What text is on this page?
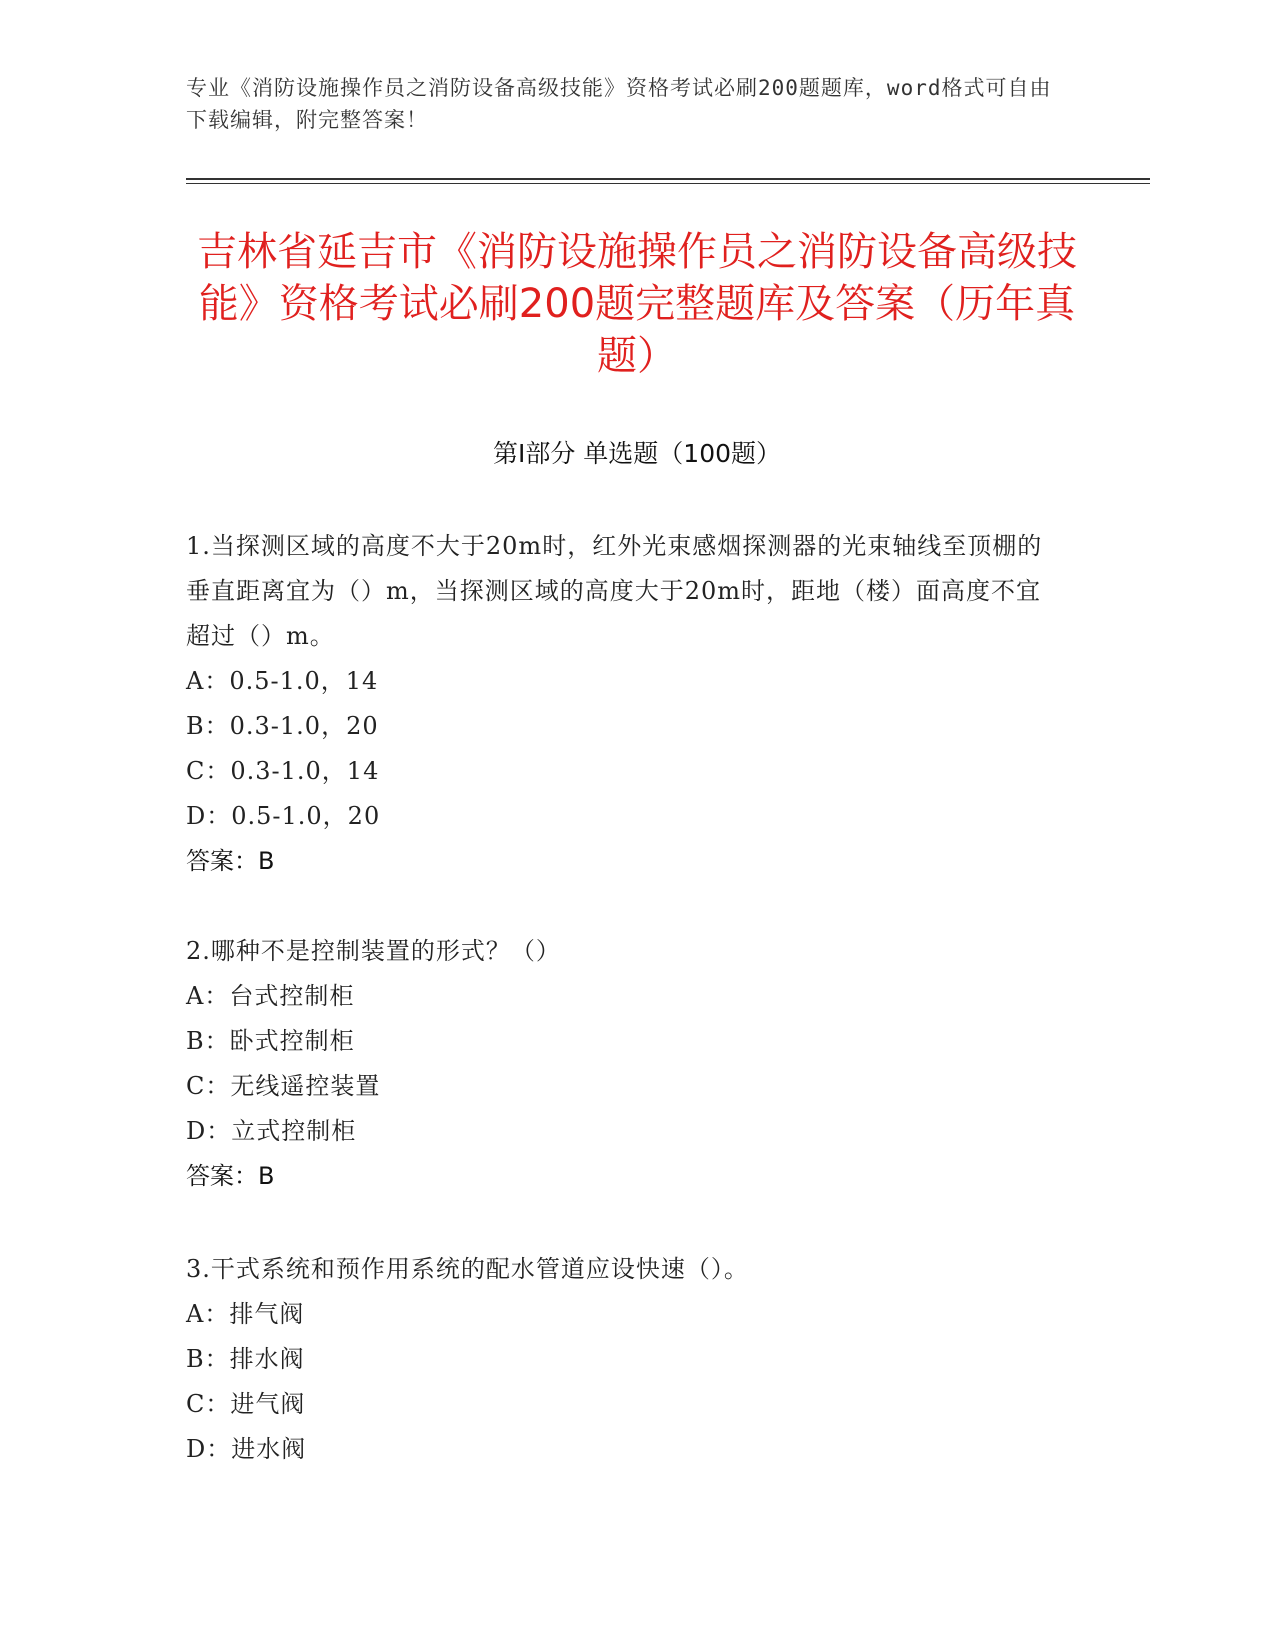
专业《消防设施操作员之消防设备高级技能》资格考试必刷200题题库，word格式可自由下载编辑，附完整答案！
吉林省延吉市《消防设施操作员之消防设备高级技能》资格考试必刷200题完整题库及答案（历年真题）
第I部分 单选题（100题）
1.当探测区域的高度不大于20m时，红外光束感烟探测器的光束轴线至顶棚的垂直距离宜为（）m，当探测区域的高度大于20m时，距地（楼）面高度不宜超过（）m。
A：0.5-1.0，14
B：0.3-1.0，20
C：0.3-1.0，14
D：0.5-1.0，20
答案：B
2.哪种不是控制装置的形式？（）
A：台式控制柜
B：卧式控制柜
C：无线遥控装置
D：立式控制柜
答案：B
3.干式系统和预作用系统的配水管道应设快速（）。
A：排气阀
B：排水阀
C：进气阀
D：进水阀
